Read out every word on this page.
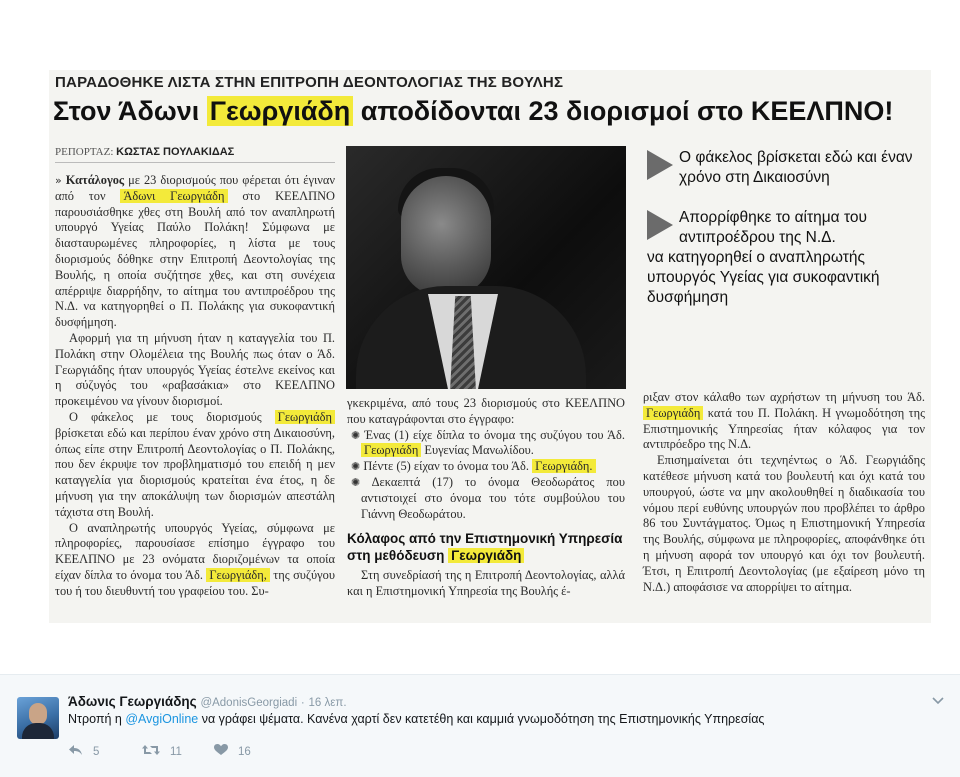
ΠΑΡΑΔΟΘΗΚΕ ΛΙΣΤΑ ΣΤΗΝ ΕΠΙΤΡΟΠΗ ΔΕΟΝΤΟΛΟΓΙΑΣ ΤΗΣ ΒΟΥΛΗΣ
Στον Άδωνι Γεωργιάδη αποδίδονται 23 διορισμοί στο ΚΕΕΛΠΝΟ!
ΡΕΠΟΡΤΑΖ: ΚΩΣΤΑΣ ΠΟΥΛΑΚΙΔΑΣ

» Κατάλογος με 23 διορισμούς που φέρεται ότι έγιναν από τον Άδωνι Γεωργιάδη στο ΚΕΕΛΠΝΟ παρουσιάσθηκε χθες στη Βουλή από τον αναπληρωτή υπουργό Υγείας Παύλο Πολάκη! Σύμφωνα με διασταυρωμένες πληροφορίες, η λίστα με τους διορισμούς δόθηκε στην Επιτροπή Δεοντολογίας της Βουλής, η οποία συζήτησε χθες, και στη συνέχεια απέρριψε διαρρήδην, το αίτημα του αντιπροέδρου της Ν.Δ. να κατηγορηθεί ο Π. Πολάκης για συκοφαντική δυσφήμηση.

Αφορμή για τη μήνυση ήταν η καταγγελία του Π. Πολάκη στην Ολομέλεια της Βουλής πως όταν ο Άδ. Γεωργιάδης ήταν υπουργός Υγείας έστελνε εκείνος και η σύζυγός του «ραβασάκια» στο ΚΕΕΛΠΝΟ προκειμένου να γίνουν διορισμοί.

Ο φάκελος με τους διορισμούς Γεωργιάδη βρίσκεται εδώ και περίπου έναν χρόνο στη Δικαιοσύνη, όπως είπε στην Επιτροπή Δεοντολογίας ο Π. Πολάκης, που δεν έκρυψε τον προβληματισμό του επειδή η μεν καταγγελία για διορισμούς κρατείται ένα έτος, η δε μήνυση για την αποκάλυψη των διορισμών απεστάλη τάχιστα στη Βουλή.

Ο αναπληρωτής υπουργός Υγείας, σύμφωνα με πληροφορίες, παρουσίασε επίσημο έγγραφο του ΚΕΕΛΠΝΟ με 23 ονόματα διοριζομένων τα οποία είχαν δίπλα το όνομα του Άδ. Γεωργιάδη, της συζύγου του ή του διευθυντή του γραφείου του. Συ-

γκεκριμένα, από τους 23 διορισμούς στο ΚΕΕΛΠΝΟ που καταγράφονται στο έγγραφο:

✺ Ένας (1) είχε δίπλα το όνομα της συζύγου του Άδ. Γεωργιάδη Ευγενίας Μανωλίδου.

✺ Πέντε (5) είχαν το όνομα του Άδ. Γεωργιάδη.

✺ Δεκαεπτά (17) το όνομα Θεοδωράτος που αντιστοιχεί στο όνομα του τότε συμβούλου του Γιάννη Θεοδωράτου.

Κόλαφος από την Επιστημονική Υπηρεσία στη μεθόδευση Γεωργιάδη

Στη συνεδρίασή της η Επιτροπή Δεοντολογίας, αλλά και η Επιστημονική Υπηρεσία της Βουλής έ-

Ο φάκελος βρίσκεται εδώ και έναν χρόνο στη Δικαιοσύνη
Απορρίφθηκε το αίτημα του αντιπροέδρου της Ν.Δ.
να κατηγορηθεί ο αναπληρωτής υπουργός Υγείας για συκοφαντική δυσφήμηση

ριξαν στον κάλαθο των αχρήστων τη μήνυση του Άδ. Γεωργιάδη κατά του Π. Πολάκη. Η γνωμοδότηση της Επιστημονικής Υπηρεσίας ήταν κόλαφος για τον αντιπρόεδρο της Ν.Δ.

Επισημαίνεται ότι τεχνηέντως ο Άδ. Γεωργιάδης κατέθεσε μήνυση κατά του βουλευτή και όχι κατά του υπουργού, ώστε να μην ακολουθηθεί η διαδικασία του νόμου περί ευθύνης υπουργών που προβλέπει το άρθρο 86 του Συντάγματος. Όμως η Επιστημονική Υπηρεσία της Βουλής, σύμφωνα με πληροφορίες, αποφάνθηκε ότι η μήνυση αφορά τον υπουργό και όχι τον βουλευτή. Έτσι, η Επιτροπή Δεοντολογίας (με εξαίρεση μόνο τη Ν.Δ.) αποφάσισε να απορρίψει το αίτημα.

Άδωνις Γεωργιάδης @AdonisGeorgiadi · 16 λεπ.
Ντροπή η @AvgiOnline να γράφει ψέματα. Κανένα χαρτί δεν κατετέθη και καμμιά γνωμοδότηση της Επιστημονικής Υπηρεσίας
5	11	16
